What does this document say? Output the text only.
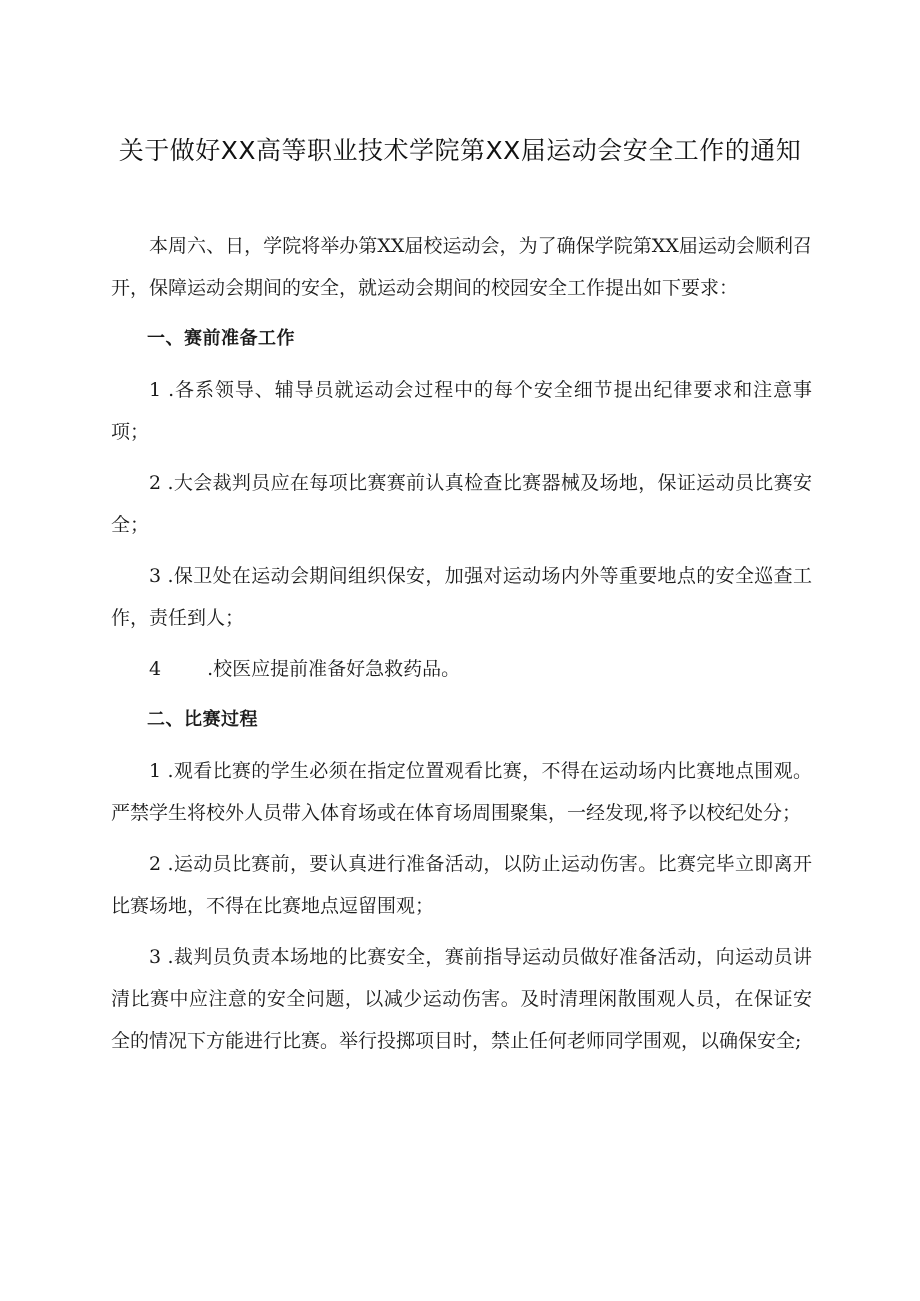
关于做好XX高等职业技术学院第XX届运动会安全工作的通知

本周六、日，学院将举办第XX届校运动会，为了确保学院第XX届运动会顺利召开，保障运动会期间的安全，就运动会期间的校园安全工作提出如下要求：

一、赛前准备工作

1 .各系领导、辅导员就运动会过程中的每个安全细节提出纪律要求和注意事项；

2 .大会裁判员应在每项比赛赛前认真检查比赛器械及场地，保证运动员比赛安全；

3 .保卫处在运动会期间组织保安，加强对运动场内外等重要地点的安全巡查工作，责任到人；

4 .校医应提前准备好急救药品。

二、比赛过程

1 .观看比赛的学生必须在指定位置观看比赛，不得在运动场内比赛地点围观。严禁学生将校外人员带入体育场或在体育场周围聚集，一经发现,将予以校纪处分；

2 .运动员比赛前，要认真进行准备活动，以防止运动伤害。比赛完毕立即离开比赛场地，不得在比赛地点逗留围观；

3 .裁判员负责本场地的比赛安全，赛前指导运动员做好准备活动，向运动员讲清比赛中应注意的安全问题，以减少运动伤害。及时清理闲散围观人员，在保证安全的情况下方能进行比赛。举行投掷项目时，禁止任何老师同学围观，以确保安全;
